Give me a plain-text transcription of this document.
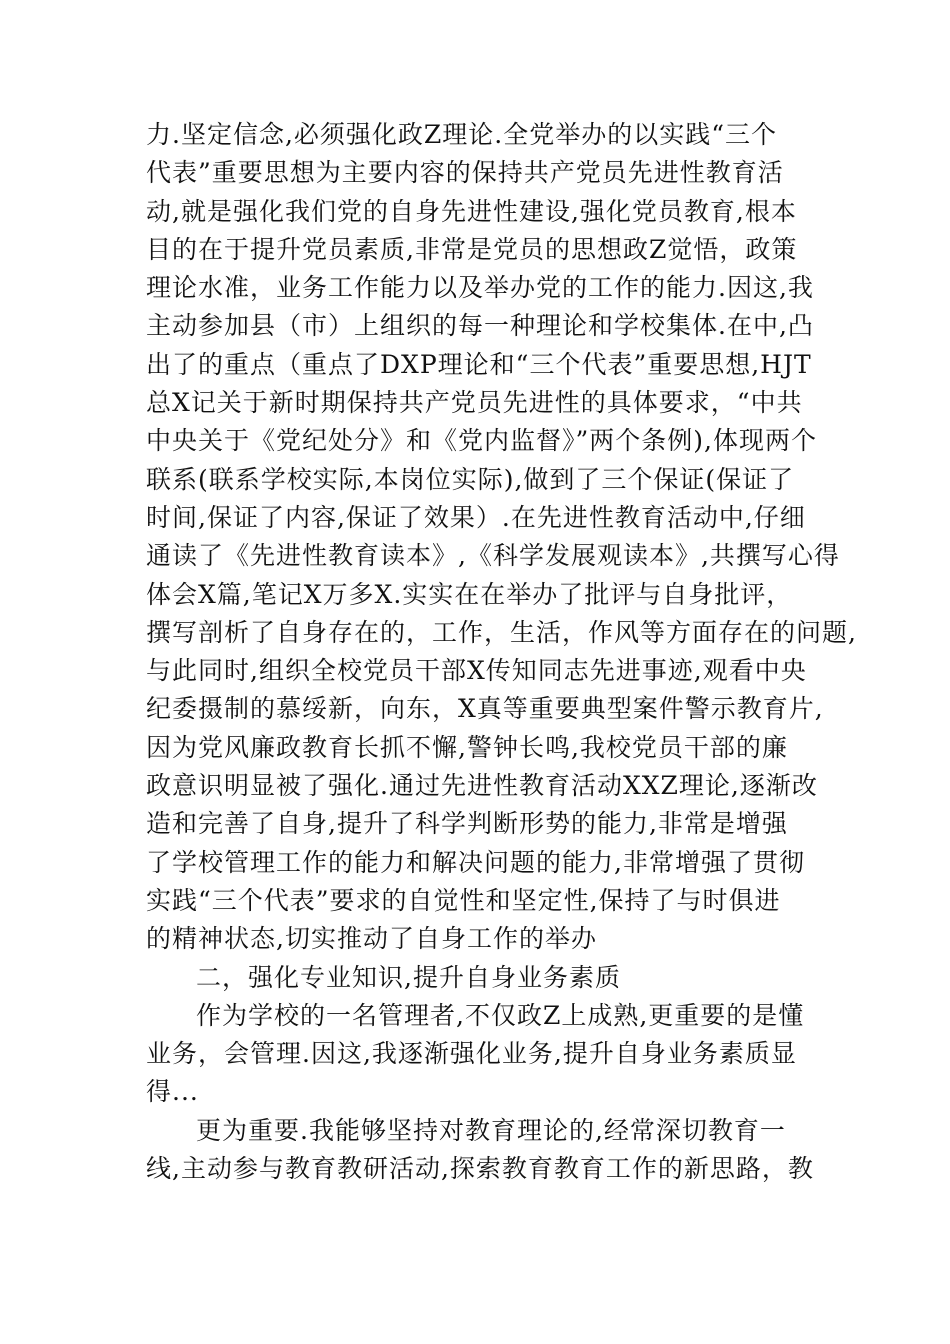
力.坚定信念,必须强化政Z理论.全党举办的以实践“三个
代表”重要思想为主要内容的保持共产党员先进性教育活
动,就是强化我们党的自身先进性建设,强化党员教育,根本
目的在于提升党员素质,非常是党员的思想政Z觉悟，政策
理论水准，业务工作能力以及举办党的工作的能力.因这,我
主动参加县（市）上组织的每一种理论和学校集体.在中,凸
出了的重点（重点了DXP理论和“三个代表”重要思想,HJT
总X记关于新时期保持共产党员先进性的具体要求，“中共
中央关于《党纪处分》和《党内监督》”两个条例),体现两个
联系(联系学校实际,本岗位实际),做到了三个保证(保证了
时间,保证了内容,保证了效果）.在先进性教育活动中,仔细
通读了《先进性教育读本》,《科学发展观读本》,共撰写心得
体会X篇,笔记X万多X.实实在在举办了批评与自身批评，
撰写剖析了自身存在的，工作，生活，作风等方面存在的问题,
与此同时,组织全校党员干部X传知同志先进事迹,观看中央
纪委摄制的慕绥新，向东，X真等重要典型案件警示教育片,
因为党风廉政教育长抓不懈,警钟长鸣,我校党员干部的廉
政意识明显被了强化.通过先进性教育活动XXZ理论,逐渐改
造和完善了自身,提升了科学判断形势的能力,非常是增强
了学校管理工作的能力和解决问题的能力,非常增强了贯彻
实践“三个代表”要求的自觉性和坚定性,保持了与时俱进
的精神状态,切实推动了自身工作的举办
二，强化专业知识,提升自身业务素质
作为学校的一名管理者,不仅政Z上成熟,更重要的是懂
业务，会管理.因这,我逐渐强化业务,提升自身业务素质显
得...
更为重要.我能够坚持对教育理论的,经常深切教育一
线,主动参与教育教研活动,探索教育教育工作的新思路，教
